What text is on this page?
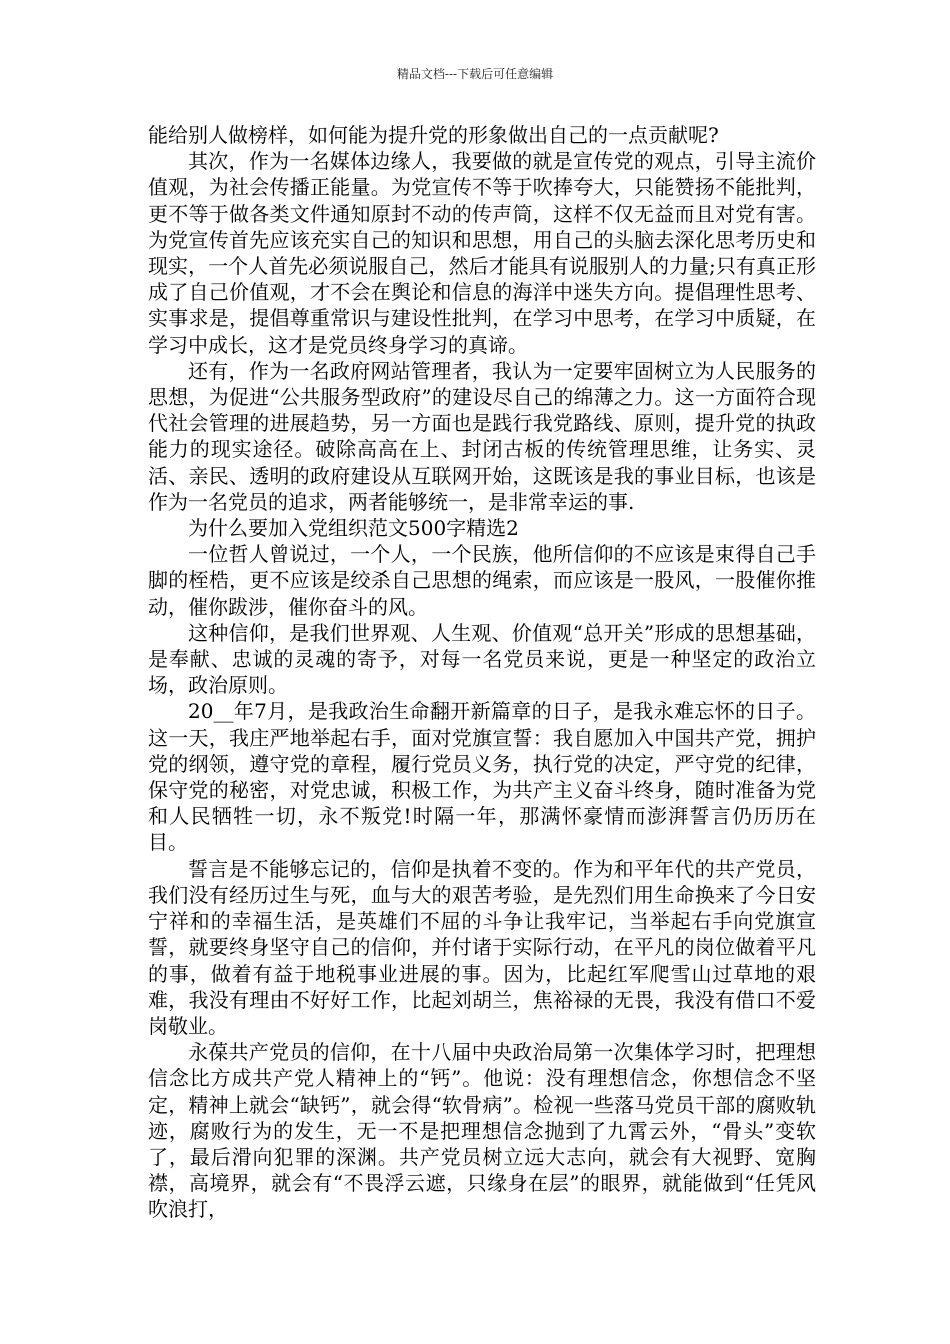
精品文档---下载后可任意编辑

能给别人做榜样，如何能为提升党的形象做出自己的一点贡献呢?

其次，作为一名媒体边缘人，我要做的就是宣传党的观点，引导主流价值观，为社会传播正能量。为党宣传不等于吹捧夸大，只能赞扬不能批判，更不等于做各类文件通知原封不动的传声筒，这样不仅无益而且对党有害。为党宣传首先应该充实自己的知识和思想，用自己的头脑去深化思考历史和现实，一个人首先必须说服自己，然后才能具有说服别人的力量;只有真正形成了自己价值观，才不会在舆论和信息的海洋中迷失方向。提倡理性思考、实事求是，提倡尊重常识与建设性批判，在学习中思考，在学习中质疑，在学习中成长，这才是党员终身学习的真谛。

还有，作为一名政府网站管理者，我认为一定要牢固树立为人民服务的思想，为促进“公共服务型政府”的建设尽自己的绵薄之力。这一方面符合现代社会管理的进展趋势，另一方面也是践行我党路线、原则，提升党的执政能力的现实途径。破除高高在上、封闭古板的传统管理思维，让务实、灵活、亲民、透明的政府建设从互联网开始，这既该是我的事业目标，也该是作为一名党员的追求，两者能够统一，是非常幸运的事.

为什么要加入党组织范文500字精选2

一位哲人曾说过，一个人，一个民族，他所信仰的不应该是束得自己手脚的桎梏，更不应该是绞杀自己思想的绳索，而应该是一股风，一股催你推动，催你跋涉，催你奋斗的风。

这种信仰，是我们世界观、人生观、价值观“总开关”形成的思想基础，是奉献、忠诚的灵魂的寄予，对每一名党员来说，更是一种坚定的政治立场，政治原则。

20__年7月，是我政治生命翻开新篇章的日子，是我永难忘怀的日子。这一天，我庄严地举起右手，面对党旗宣誓：我自愿加入中国共产党，拥护党的纲领，遵守党的章程，履行党员义务，执行党的决定，严守党的纪律，保守党的秘密，对党忠诚，积极工作，为共产主义奋斗终身，随时准备为党和人民牺牲一切，永不叛党!时隔一年，那满怀豪情而澎湃誓言仍历历在目。

誓言是不能够忘记的，信仰是执着不变的。作为和平年代的共产党员，我们没有经历过生与死，血与大的艰苦考验，是先烈们用生命换来了今日安宁祥和的幸福生活，是英雄们不屈的斗争让我牢记，当举起右手向党旗宣誓，就要终身坚守自己的信仰，并付诸于实际行动，在平凡的岗位做着平凡的事，做着有益于地税事业进展的事。因为，比起红军爬雪山过草地的艰难，我没有理由不好好工作，比起刘胡兰，焦裕禄的无畏，我没有借口不爱岗敬业。

永葆共产党员的信仰，在十八届中央政治局第一次集体学习时，把理想信念比方成共产党人精神上的“钙”。他说：没有理想信念，你想信念不坚定，精神上就会“缺钙”，就会得“软骨病”。检视一些落马党员干部的腐败轨迹，腐败行为的发生，无一不是把理想信念抛到了九霄云外，“骨头”变软了，最后滑向犯罪的深渊。共产党员树立远大志向，就会有大视野、宽胸襟，高境界，就会有“不畏浮云遮，只缘身在层”的眼界，就能做到“任凭风吹浪打，
